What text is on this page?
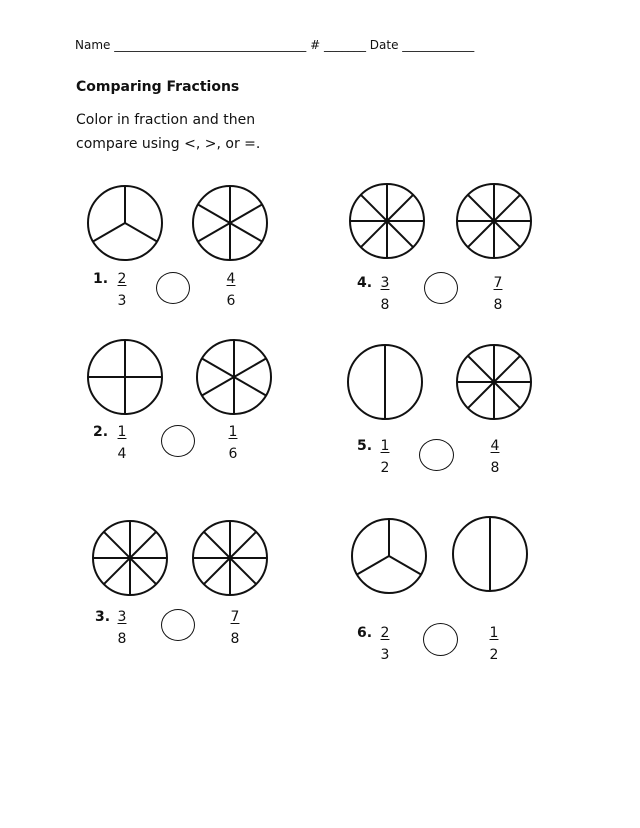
Name ________________________________ # _______ Date ____________
Comparing Fractions
Color in fraction and then
compare using <, >, or =.
1.
$\frac{2}{3}$	$\frac{4}{6}$
2.
$\frac{1}{4}$	$\frac{1}{6}$
3.
$\frac{3}{8}$	$\frac{7}{8}$
4.
$\frac{3}{8}$	$\frac{7}{8}$
5.
$\frac{1}{2}$	$\frac{4}{8}$
6.
$\frac{2}{3}$	$\frac{1}{2}$
